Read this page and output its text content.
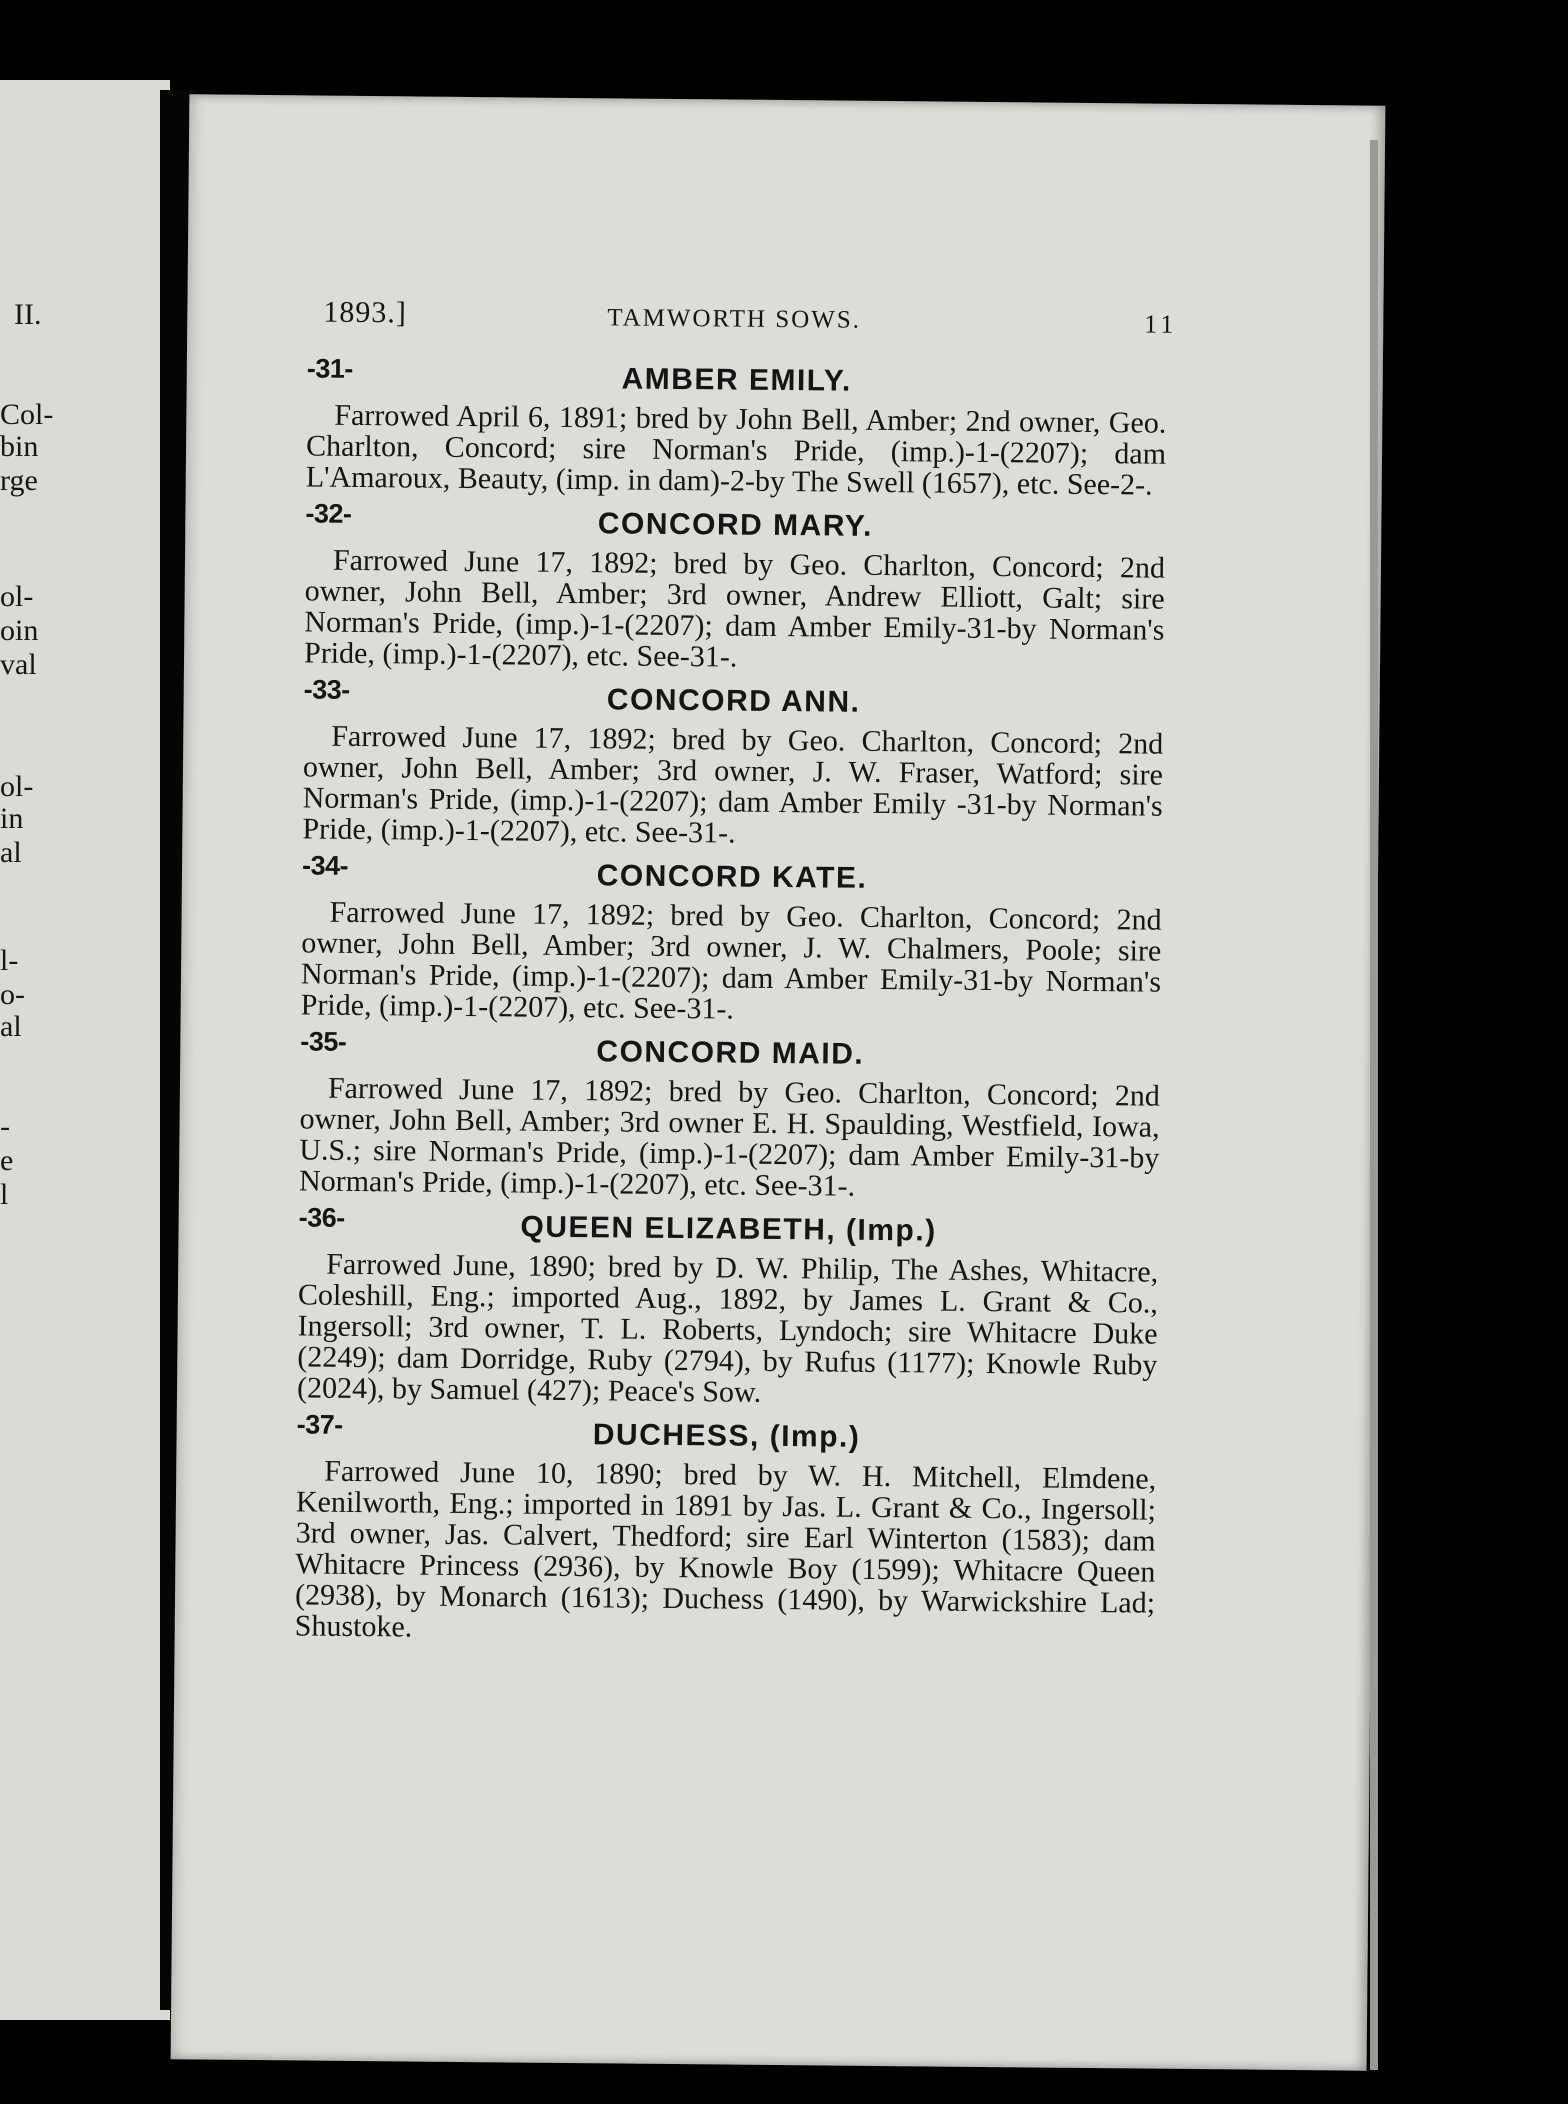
II.
Col-
bin
rge
ol-
oin
val
ol-
in
al
l-
o-
al
-
e
l
1893.]	TAMWORTH SOWS.	11
-31-	AMBER EMILY.

Farrowed April 6, 1891; bred by John Bell, Amber; 2nd owner, Geo. Charlton, Concord; sire Norman's Pride, (imp.)-1-(2207); dam L'Amaroux, Beauty, (imp. in dam)-2-by The Swell (1657), etc. See-2-.

-32-	CONCORD MARY.

Farrowed June 17, 1892; bred by Geo. Charlton, Concord; 2nd owner, John Bell, Amber; 3rd owner, Andrew Elliott, Galt; sire Norman's Pride, (imp.)-1-(2207); dam Amber Emily-31-by Norman's Pride, (imp.)-1-(2207), etc. See-31-.

-33-	CONCORD ANN.

Farrowed June 17, 1892; bred by Geo. Charlton, Concord; 2nd owner, John Bell, Amber; 3rd owner, J. W. Fraser, Watford; sire Norman's Pride, (imp.)-1-(2207); dam Amber Emily -31-by Norman's Pride, (imp.)-1-(2207), etc. See-31-.

-34-	CONCORD KATE.

Farrowed June 17, 1892; bred by Geo. Charlton, Concord; 2nd owner, John Bell, Amber; 3rd owner, J. W. Chalmers, Poole; sire Norman's Pride, (imp.)-1-(2207); dam Amber Emily-31-by Norman's Pride, (imp.)-1-(2207), etc. See-31-.

-35-	CONCORD MAID.

Farrowed June 17, 1892; bred by Geo. Charlton, Concord; 2nd owner, John Bell, Amber; 3rd owner E. H. Spaulding, Westfield, Iowa, U.S.; sire Norman's Pride, (imp.)-1-(2207); dam Amber Emily-31-by Norman's Pride, (imp.)-1-(2207), etc. See-31-.

-36-	QUEEN ELIZABETH, (Imp.)

Farrowed June, 1890; bred by D. W. Philip, The Ashes, Whitacre, Coleshill, Eng.; imported Aug., 1892, by James L. Grant & Co., Ingersoll; 3rd owner, T. L. Roberts, Lyndoch; sire Whitacre Duke (2249); dam Dorridge, Ruby (2794), by Rufus (1177); Knowle Ruby (2024), by Samuel (427); Peace's Sow.

-37-	DUCHESS, (Imp.)

Farrowed June 10, 1890; bred by W. H. Mitchell, Elmdene, Kenilworth, Eng.; imported in 1891 by Jas. L. Grant & Co., Ingersoll; 3rd owner, Jas. Calvert, Thedford; sire Earl Winterton (1583); dam Whitacre Princess (2936), by Knowle Boy (1599); Whitacre Queen (2938), by Monarch (1613); Duchess (1490), by Warwickshire Lad; Shustoke.
